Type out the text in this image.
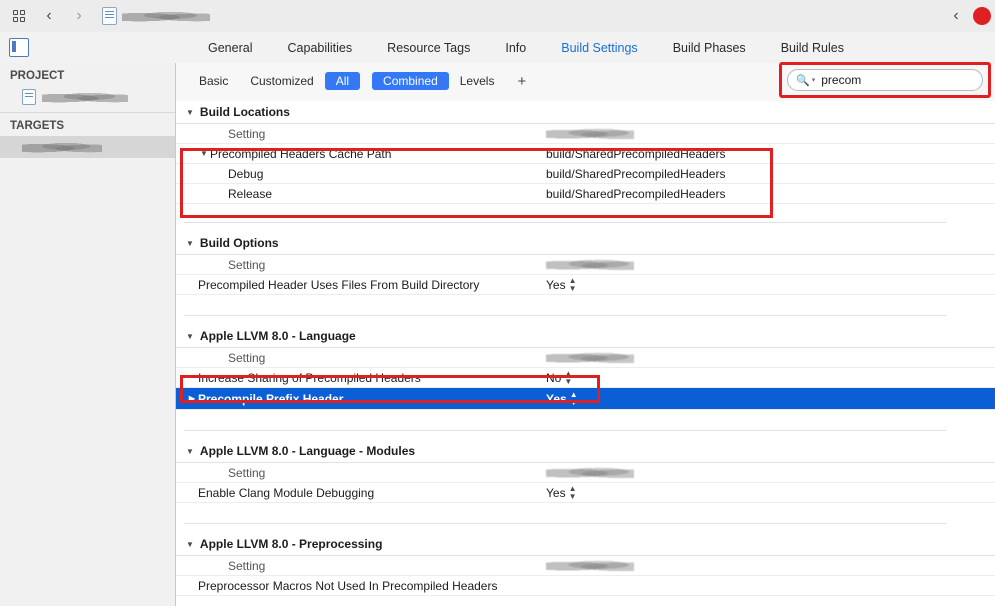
‹	›	‹
General	Capabilities	Resource Tags	Info	Build Settings	Build Phases	Build Rules
Basic	Customized	All	Combined	Levels	+	🔍 ▾ precom
PROJECT
TARGETS
▼ Build Locations
Setting
▼ Precompiled Headers Cache Path	build/SharedPrecompiledHeaders
Debug	build/SharedPrecompiledHeaders
Release	build/SharedPrecompiledHeaders
▼ Build Options
Setting
Precompiled Header Uses Files From Build Directory	Yes ▲
▼
▼ Apple LLVM 8.0 - Language
Setting
Increase Sharing of Precompiled Headers	No ▲
▼
▶ Precompile Prefix Header	Yes ▲
▼
▼ Apple LLVM 8.0 - Language - Modules
Setting
Enable Clang Module Debugging	Yes ▲
▼
▼ Apple LLVM 8.0 - Preprocessing
Setting
Preprocessor Macros Not Used In Precompiled Headers
